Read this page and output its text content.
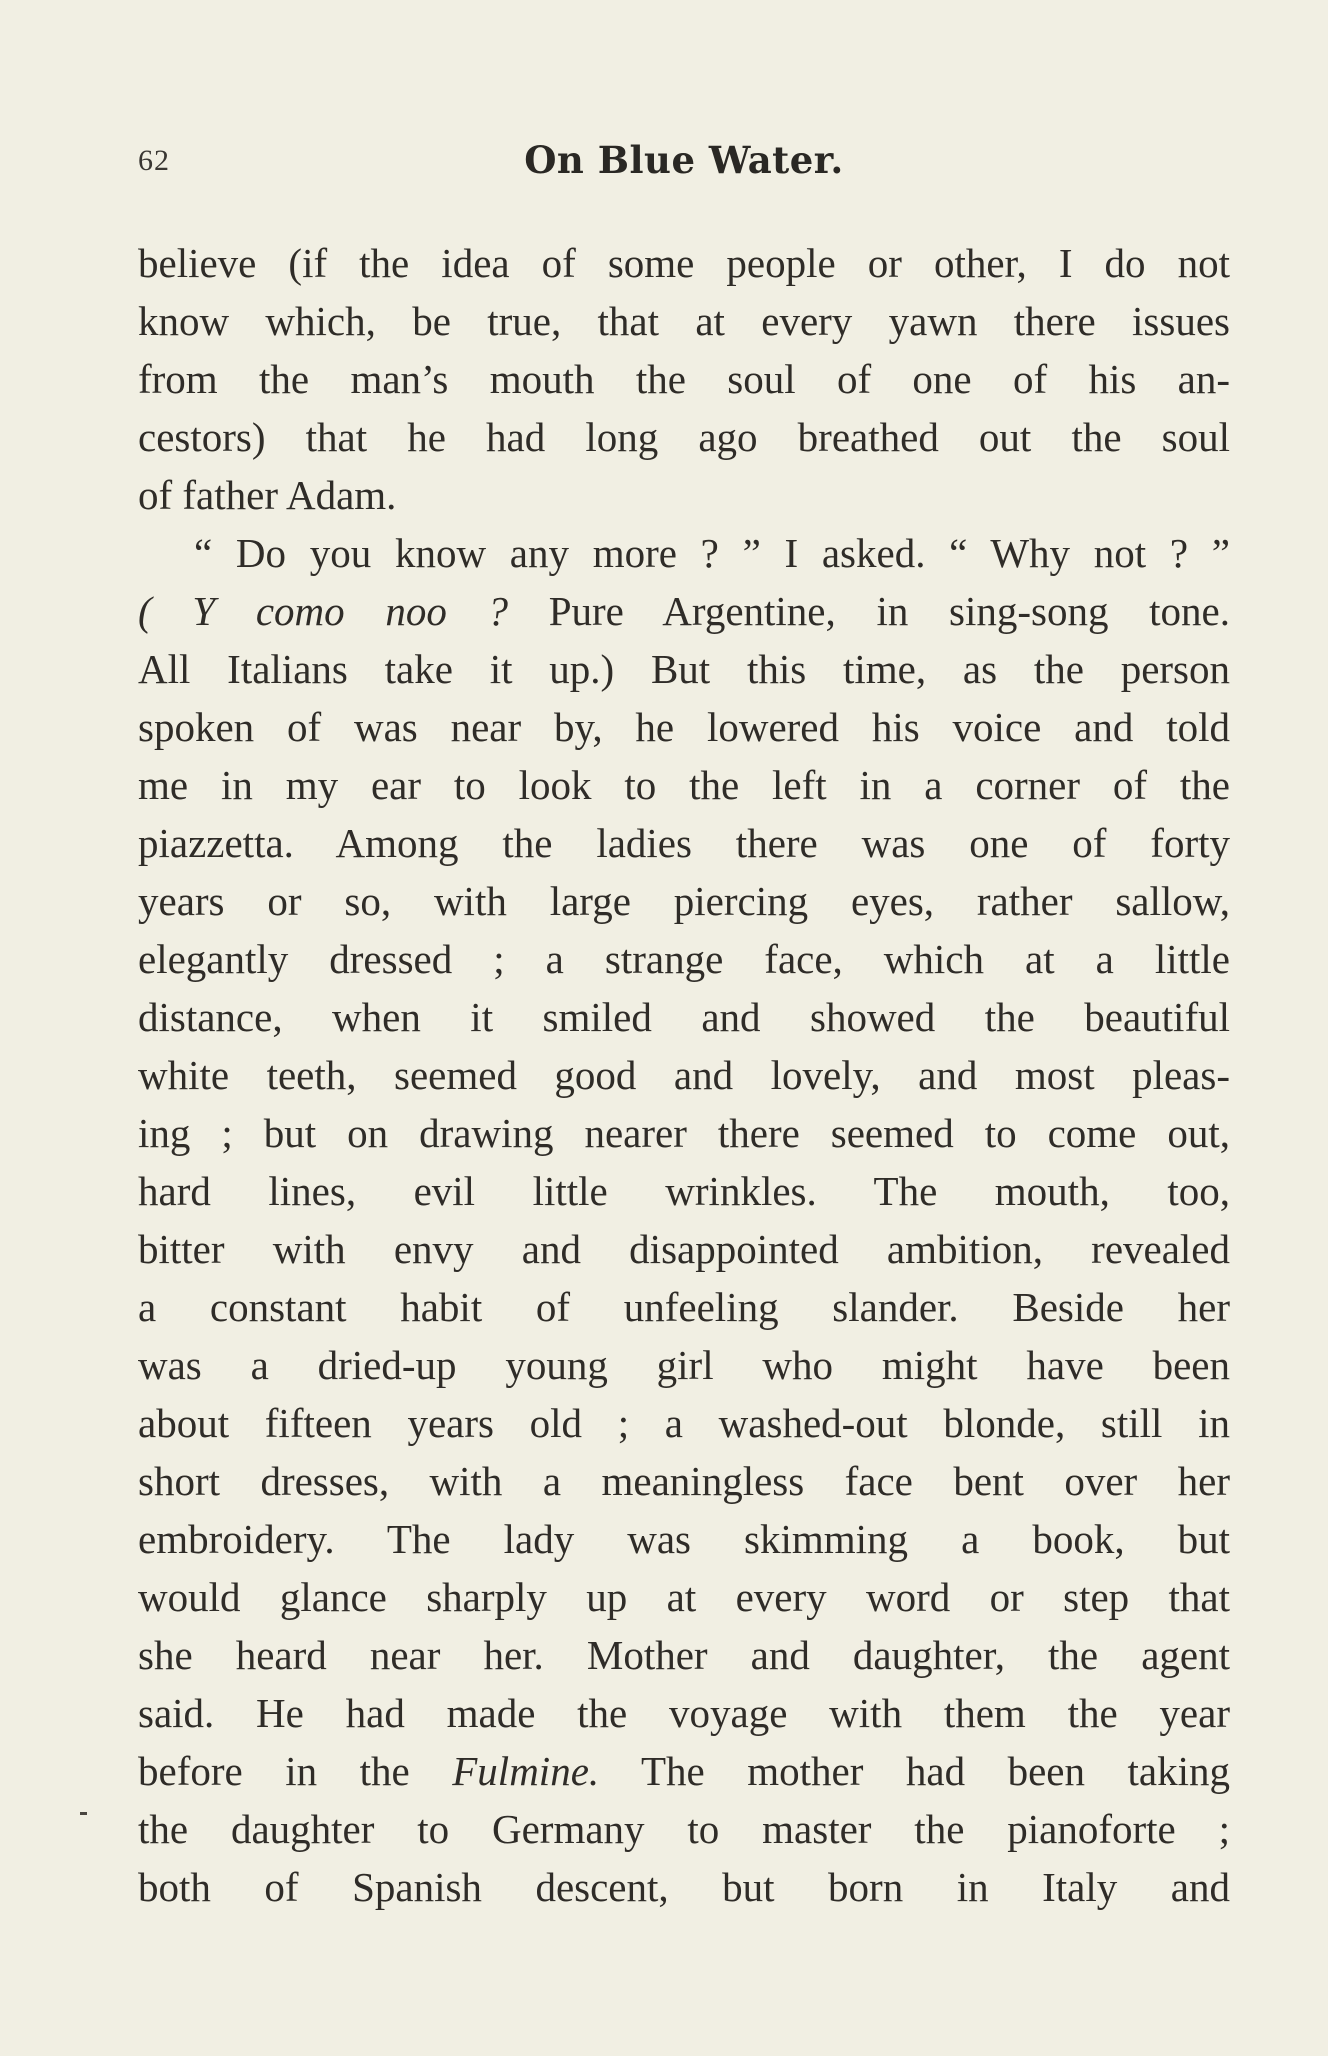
62	On Blue Water.
believe (if the idea of some people or other, I do not
know which, be true, that at every yawn there issues
from the man’s mouth the soul of one of his an-
cestors) that he had long ago breathed out the soul
of father Adam.
“ Do you know any more ? ” I asked. “ Why not ? ”
( Y como noo ? Pure Argentine, in sing-song tone.
All Italians take it up.) But this time, as the person
spoken of was near by, he lowered his voice and told
me in my ear to look to the left in a corner of the
piazzetta. Among the ladies there was one of forty
years or so, with large piercing eyes, rather sallow,
elegantly dressed ; a strange face, which at a little
distance, when it smiled and showed the beautiful
white teeth, seemed good and lovely, and most pleas-
ing ; but on drawing nearer there seemed to come out,
hard lines, evil little wrinkles. The mouth, too,
bitter with envy and disappointed ambition, revealed
a constant habit of unfeeling slander. Beside her
was a dried-up young girl who might have been
about fifteen years old ; a washed-out blonde, still in
short dresses, with a meaningless face bent over her
embroidery. The lady was skimming a book, but
would glance sharply up at every word or step that
she heard near her. Mother and daughter, the agent
said. He had made the voyage with them the year
before in the Fulmine. The mother had been taking
the daughter to Germany to master the pianoforte ;
both of Spanish descent, but born in Italy and
